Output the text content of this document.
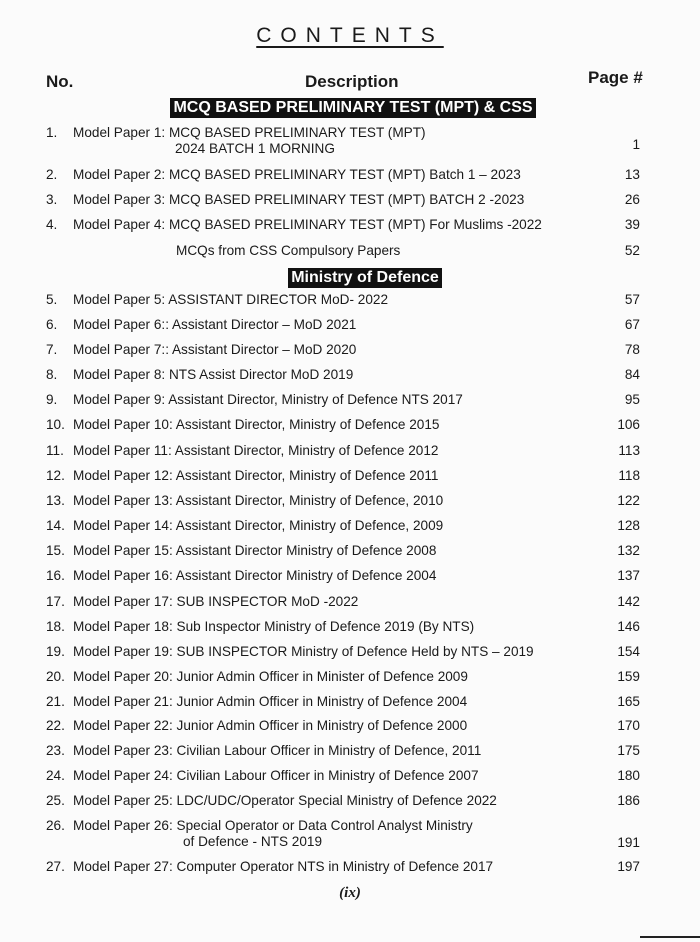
CONTENTS
No.	Description	Page #
MCQ BASED PRELIMINARY TEST (MPT) & CSS
Ministry of Defence
1.	Model Paper 1: MCQ BASED PRELIMINARY TEST (MPT)
2024 BATCH 1 MORNING	1
2.	Model Paper 2: MCQ BASED PRELIMINARY TEST (MPT) Batch 1 – 2023	13
3.	Model Paper 3: MCQ BASED PRELIMINARY TEST (MPT) BATCH 2 -2023	26
4.	Model Paper 4: MCQ BASED PRELIMINARY TEST (MPT) For Muslims -2022	39
MCQs from CSS Compulsory Papers	52
5.	Model Paper 5: ASSISTANT DIRECTOR MoD- 2022	57
6.	Model Paper 6:: Assistant Director – MoD 2021	67
7.	Model Paper 7:: Assistant Director – MoD 2020	78
8.	Model Paper 8: NTS Assist Director MoD 2019	84
9.	Model Paper 9: Assistant Director, Ministry of Defence NTS 2017	95
10. Model Paper 10: Assistant Director, Ministry of Defence 2015	106
11. Model Paper 11: Assistant Director, Ministry of Defence 2012	113
12. Model Paper 12: Assistant Director, Ministry of Defence 2011	118
13. Model Paper 13: Assistant Director, Ministry of Defence, 2010	122
14. Model Paper 14: Assistant Director, Ministry of Defence, 2009	128
15. Model Paper 15: Assistant Director Ministry of Defence 2008	132
16. Model Paper 16: Assistant Director Ministry of Defence 2004	137
17. Model Paper 17: SUB INSPECTOR MoD -2022	142
18. Model Paper 18: Sub Inspector Ministry of Defence 2019 (By NTS)	146
19. Model Paper 19: SUB INSPECTOR Ministry of Defence Held by NTS – 2019	154
20. Model Paper 20: Junior Admin Officer in Minister of Defence 2009	159
21. Model Paper 21: Junior Admin Officer in Ministry of Defence 2004	165
22. Model Paper 22: Junior Admin Officer in Ministry of Defence 2000	170
23. Model Paper 23: Civilian Labour Officer in Ministry of Defence, 2011	175
24. Model Paper 24: Civilian Labour Officer in Ministry of Defence 2007	180
25. Model Paper 25: LDC/UDC/Operator Special Ministry of Defence 2022	186
26. Model Paper 26: Special Operator or Data Control Analyst Ministry
of Defence - NTS 2019	191
27. Model Paper 27: Computer Operator NTS in Ministry of Defence 2017	197
(ix)
